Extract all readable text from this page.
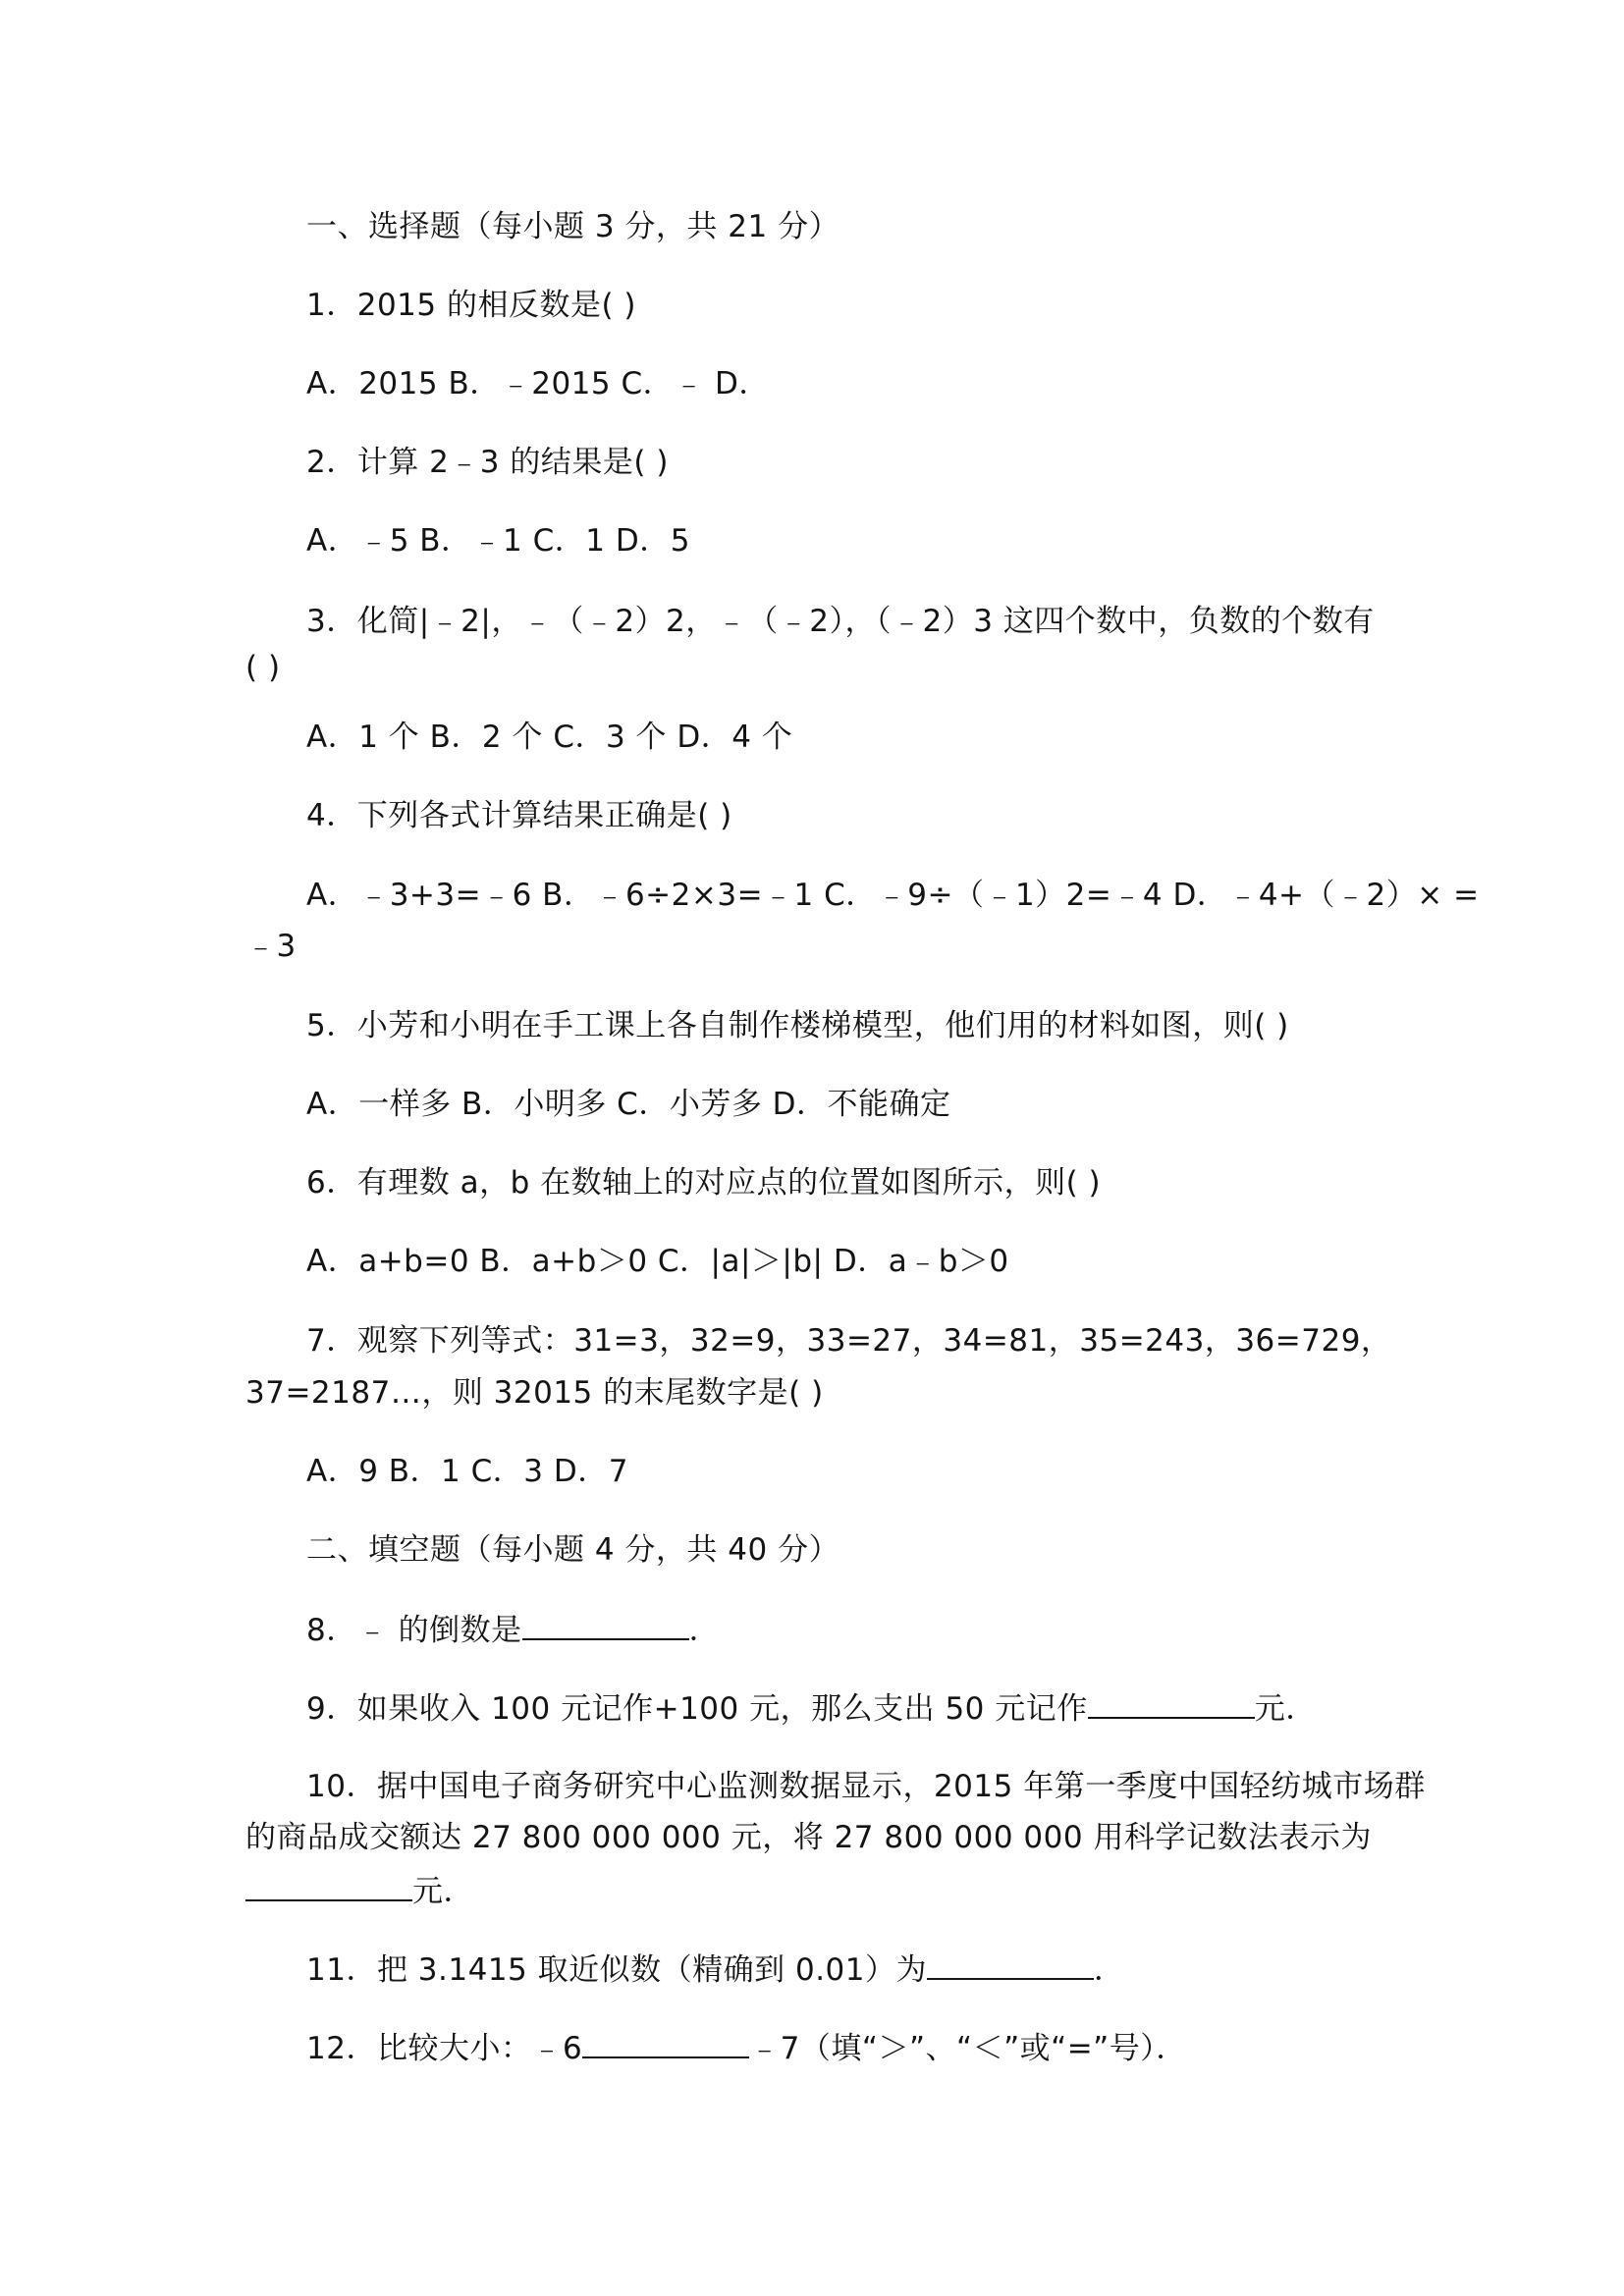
一、选择题（每小题 3 分，共 21 分）
1．2015 的相反数是( )
A．2015 B．﹣2015 C．﹣ D．
2．计算 2﹣3 的结果是( )
A．﹣5 B．﹣1 C．1 D．5
3．化简|﹣2|，﹣（﹣2）2，﹣（﹣2），（﹣2）3 这四个数中，负数的个数有
( )
A．1 个 B．2 个 C．3 个 D．4 个
4．下列各式计算结果正确是( )
A．﹣3+3=﹣6 B．﹣6÷2×3=﹣1 C．﹣9÷（﹣1）2=﹣4 D．﹣4+（﹣2）× =
﹣3
5．小芳和小明在手工课上各自制作楼梯模型，他们用的材料如图，则( )
A．一样多 B．小明多 C．小芳多 D．不能确定
6．有理数 a，b 在数轴上的对应点的位置如图所示，则( )
A．a+b=0 B．a+b＞0 C．|a|＞|b| D．a﹣b＞0
7．观察下列等式：31=3，32=9，33=27，34=81，35=243，36=729，
37=2187…，则 32015 的末尾数字是( )
A．9 B．1 C．3 D．7
二、填空题（每小题 4 分，共 40 分）
8．﹣ 的倒数是	．
9．如果收入 100 元记作+100 元，那么支出 50 元记作	元．
10．据中国电子商务研究中心监测数据显示，2015 年第一季度中国轻纺城市场群
的商品成交额达 27 800 000 000 元，将 27 800 000 000 用科学记数法表示为
元．
11．把 3.1415 取近似数（精确到 0.01）为	．
12．比较大小：﹣6	﹣7（填“＞”、“＜”或“=”号）．
